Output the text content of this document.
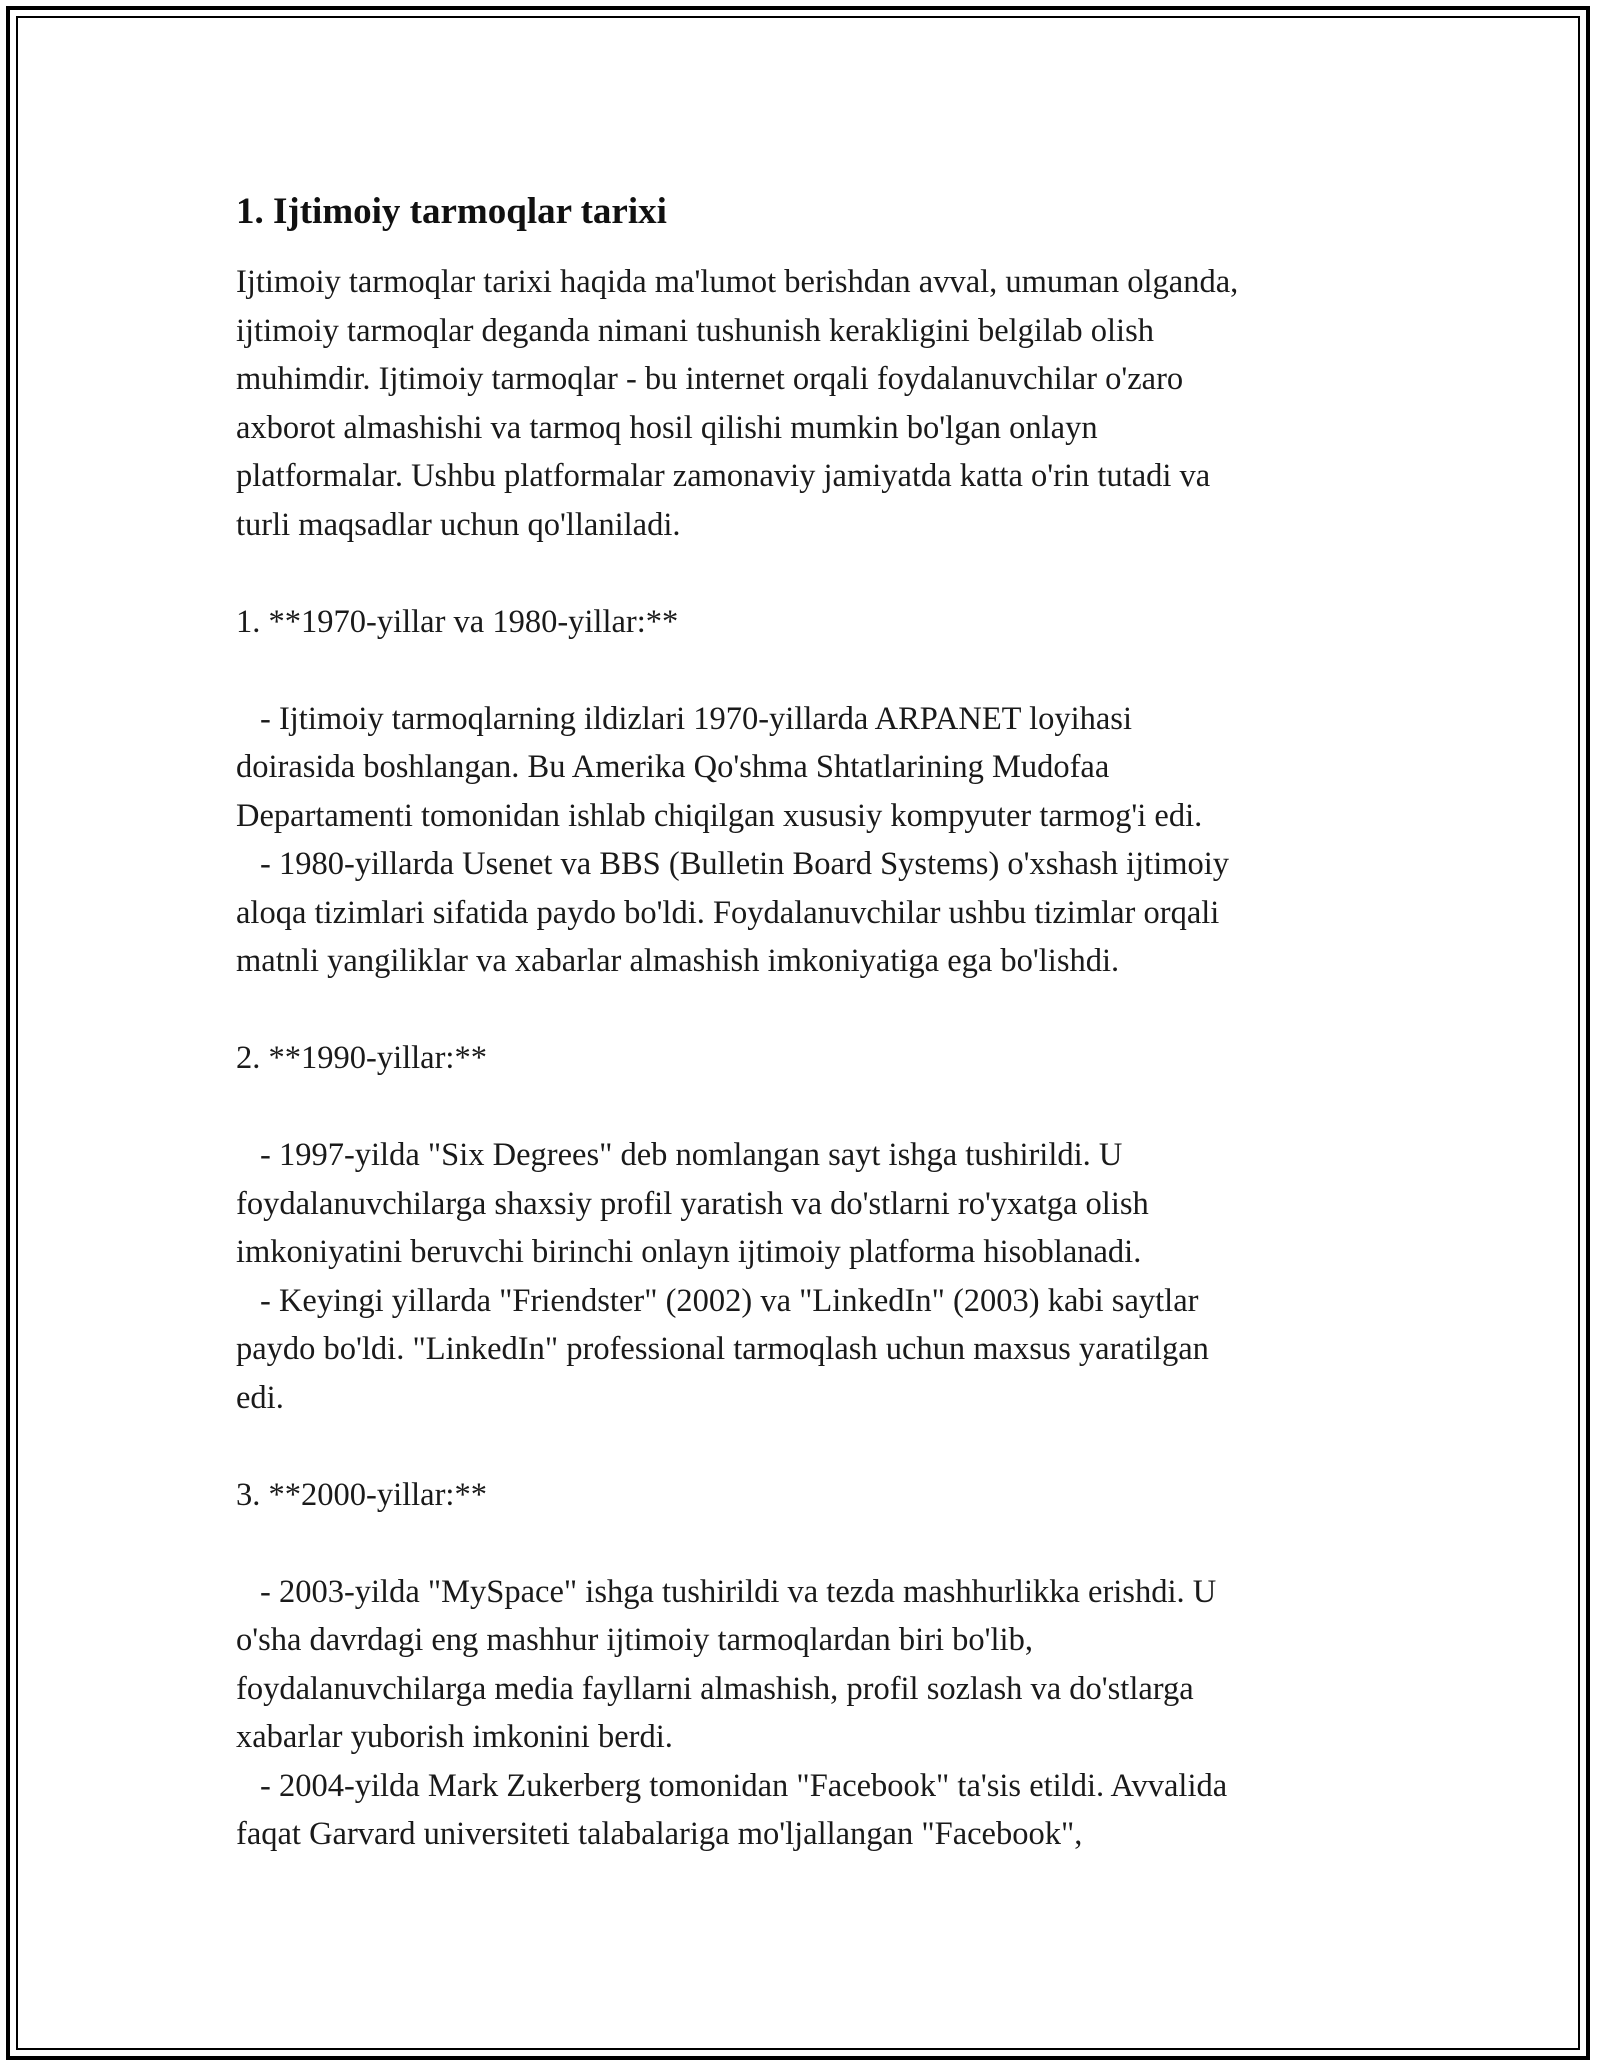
1. Ijtimoiy tarmoqlar tarixi

Ijtimoiy tarmoqlar tarixi haqida ma'lumot berishdan avval, umuman olganda,
ijtimoiy tarmoqlar deganda nimani tushunish kerakligini belgilab olish
muhimdir. Ijtimoiy tarmoqlar - bu internet orqali foydalanuvchilar o'zaro
axborot almashishi va tarmoq hosil qilishi mumkin bo'lgan onlayn
platformalar. Ushbu platformalar zamonaviy jamiyatda katta o'rin tutadi va
turli maqsadlar uchun qo'llaniladi.

1. **1970-yillar va 1980-yillar:**

- Ijtimoiy tarmoqlarning ildizlari 1970-yillarda ARPANET loyihasi
doirasida boshlangan. Bu Amerika Qo'shma Shtatlarining Mudofaa
Departamenti tomonidan ishlab chiqilgan xususiy kompyuter tarmog'i edi.

- 1980-yillarda Usenet va BBS (Bulletin Board Systems) o'xshash ijtimoiy
aloqa tizimlari sifatida paydo bo'ldi. Foydalanuvchilar ushbu tizimlar orqali
matnli yangiliklar va xabarlar almashish imkoniyatiga ega bo'lishdi.

2. **1990-yillar:**

- 1997-yilda "Six Degrees" deb nomlangan sayt ishga tushirildi. U
foydalanuvchilarga shaxsiy profil yaratish va do'stlarni ro'yxatga olish
imkoniyatini beruvchi birinchi onlayn ijtimoiy platforma hisoblanadi.

- Keyingi yillarda "Friendster" (2002) va "LinkedIn" (2003) kabi saytlar
paydo bo'ldi. "LinkedIn" professional tarmoqlash uchun maxsus yaratilgan
edi.

3. **2000-yillar:**

- 2003-yilda "MySpace" ishga tushirildi va tezda mashhurlikka erishdi. U
o'sha davrdagi eng mashhur ijtimoiy tarmoqlardan biri bo'lib,
foydalanuvchilarga media fayllarni almashish, profil sozlash va do'stlarga
xabarlar yuborish imkonini berdi.

- 2004-yilda Mark Zukerberg tomonidan "Facebook" ta'sis etildi. Avvalida
faqat Garvard universiteti talabalariga mo'ljallangan "Facebook",
